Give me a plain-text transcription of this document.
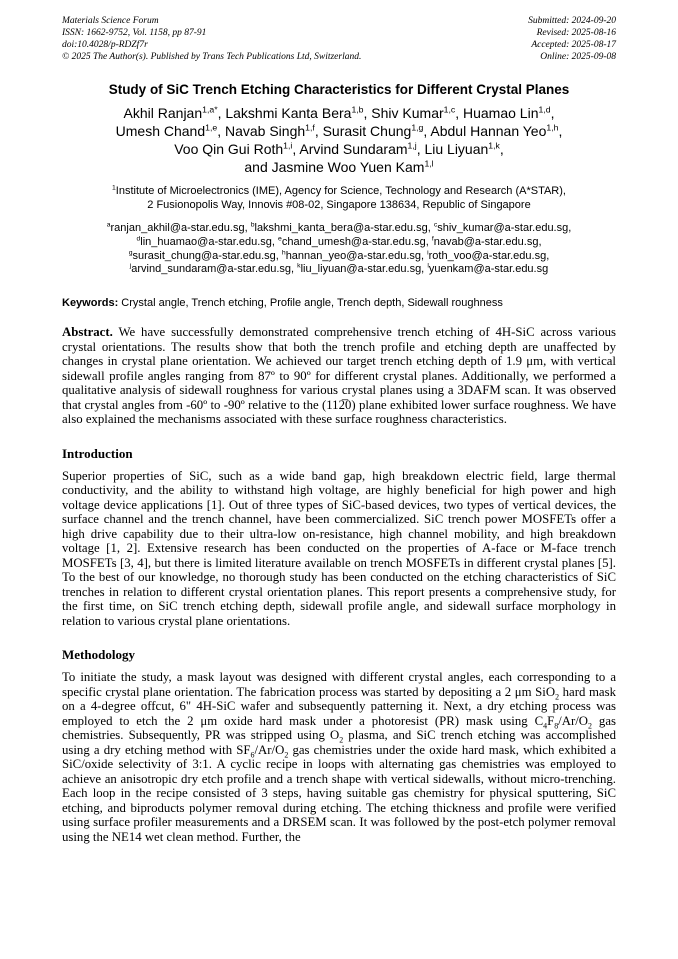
Materials Science Forum
ISSN: 1662-9752, Vol. 1158, pp 87-91
doi:10.4028/p-RDZf7r
© 2025 The Author(s). Published by Trans Tech Publications Ltd, Switzerland.
Submitted: 2024-09-20
Revised: 2025-08-16
Accepted: 2025-08-17
Online: 2025-09-08
Study of SiC Trench Etching Characteristics for Different Crystal Planes
Akhil Ranjan$^{1,a*}$, Lakshmi Kanta Bera$^{1,b}$, Shiv Kumar$^{1,c}$, Huamao Lin$^{1,d}$,
Umesh Chand$^{1,e}$, Navab Singh$^{1,f}$, Surasit Chung$^{1,g}$, Abdul Hannan Yeo$^{1,h}$,
Voo Qin Gui Roth$^{1,i}$, Arvind Sundaram$^{1,j}$, Liu Liyuan$^{1,k}$,
and Jasmine Woo Yuen Kam$^{1,l}$
$^1$Institute of Microelectronics (IME), Agency for Science, Technology and Research (A*STAR),
2 Fusionopolis Way, Innovis #08-02, Singapore 138634, Republic of Singapore
$^a$ranjan_akhil@a-star.edu.sg, $^b$lakshmi_kanta_bera@a-star.edu.sg, $^c$shiv_kumar@a-star.edu.sg,
$^d$lin_huamao@a-star.edu.sg, $^e$chand_umesh@a-star.edu.sg, $^f$navab@a-star.edu.sg,
$^g$surasit_chung@a-star.edu.sg, $^h$hannan_yeo@a-star.edu.sg, $^i$roth_voo@a-star.edu.sg,
$^j$arvind_sundaram@a-star.edu.sg, $^k$liu_liyuan@a-star.edu.sg, $^l$yuenkam@a-star.edu.sg

Keywords: Crystal angle, Trench etching, Profile angle, Trench depth, Sidewall roughness

Abstract. We have successfully demonstrated comprehensive trench etching of 4H-SiC across various crystal orientations. The results show that both the trench profile and etching depth are unaffected by changes in crystal plane orientation. We achieved our target trench etching depth of 1.9 μm, with vertical sidewall profile angles ranging from 87º to 90º for different crystal planes. Additionally, we performed a qualitative analysis of sidewall roughness for various crystal planes using a 3DAFM scan. It was observed that crystal angles from -60º to -90º relative to the (112̅0) plane exhibited lower surface roughness. We have also explained the mechanisms associated with these surface roughness characteristics.

Introduction

Superior properties of SiC, such as a wide band gap, high breakdown electric field, large thermal conductivity, and the ability to withstand high voltage, are highly beneficial for high power and high voltage device applications [1]. Out of three types of SiC-based devices, two types of vertical devices, the surface channel and the trench channel, have been commercialized. SiC trench power MOSFETs offer a high drive capability due to their ultra-low on-resistance, high channel mobility, and high breakdown voltage [1, 2]. Extensive research has been conducted on the properties of A-face or M-face trench MOSFETs [3, 4], but there is limited literature available on trench MOSFETs in different crystal planes [5]. To the best of our knowledge, no thorough study has been conducted on the etching characteristics of SiC trenches in relation to different crystal orientation planes. This report presents a comprehensive study, for the first time, on SiC trench etching depth, sidewall profile angle, and sidewall surface morphology in relation to various crystal plane orientations.

Methodology

To initiate the study, a mask layout was designed with different crystal angles, each corresponding to a specific crystal plane orientation. The fabrication process was started by depositing a 2 μm SiO$_2$ hard mask on a 4-degree offcut, 6" 4H-SiC wafer and subsequently patterning it. Next, a dry etching process was employed to etch the 2 μm oxide hard mask under a photoresist (PR) mask using $C_4F_8/Ar/O_2$ gas chemistries. Subsequently, PR was stripped using $O_2$ plasma, and SiC trench etching was accomplished using a dry etching method with $SF_6/Ar/O_2$ gas chemistries under the oxide hard mask, which exhibited a SiC/oxide selectivity of 3:1. A cyclic recipe in loops with alternating gas chemistries was employed to achieve an anisotropic dry etch profile and a trench shape with vertical sidewalls, without micro-trenching. Each loop in the recipe consisted of 3 steps, having suitable gas chemistry for physical sputtering, SiC etching, and biproducts polymer removal during etching. The etching thickness and profile were verified using surface profiler measurements and a DRSEM scan. It was followed by the post-etch polymer removal using the NE14 wet clean method. Further, the
